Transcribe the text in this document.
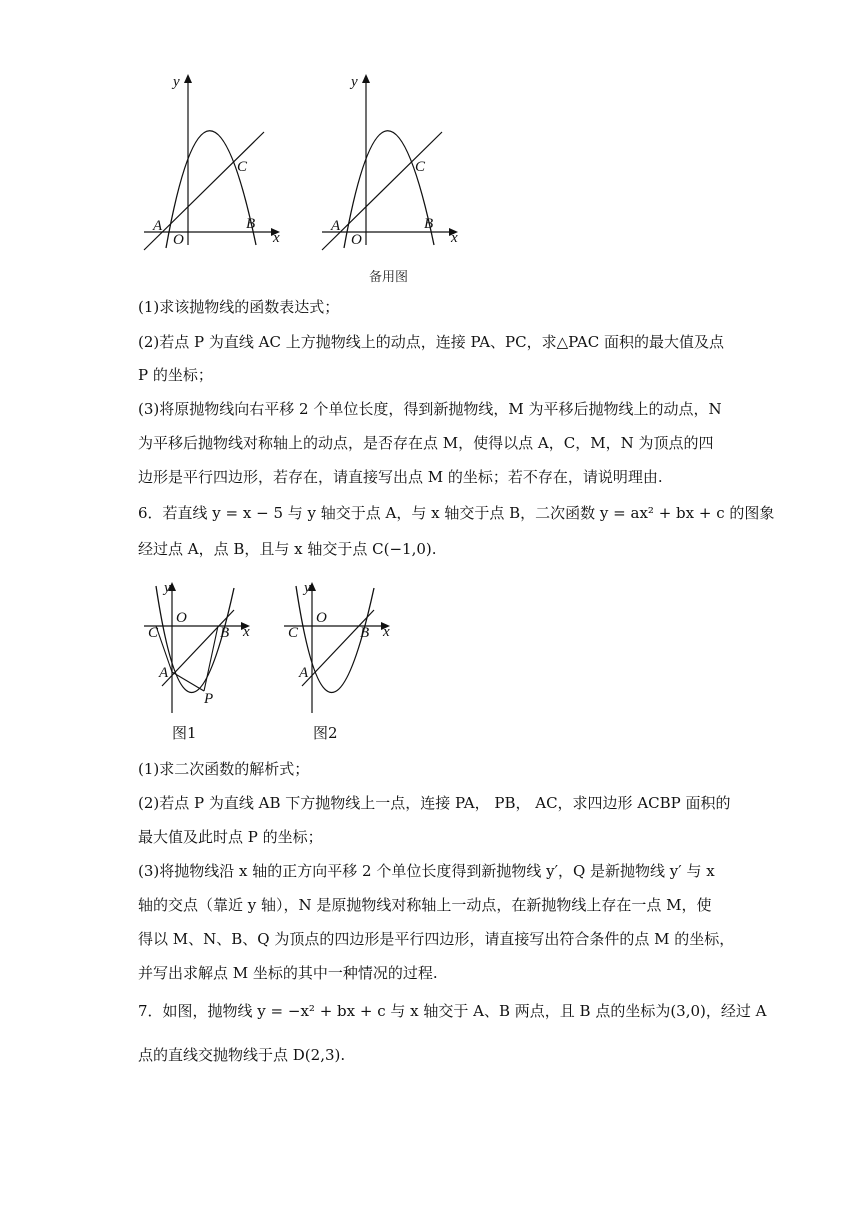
y
x
A
O
B
C
y
x
A
O
B
C
备用图
(1)求该抛物线的函数表达式；
(2)若点 P 为直线 AC 上方抛物线上的动点，连接 PA、PC，求△PAC 面积的最大值及点
P 的坐标；
(3)将原抛物线向右平移 2 个单位长度，得到新抛物线，M 为平移后抛物线上的动点，N
为平移后抛物线对称轴上的动点，是否存在点 M，使得以点 A，C，M，N 为顶点的四
边形是平行四边形，若存在，请直接写出点 M 的坐标；若不存在，请说明理由.
6．若直线 y = x − 5 与 y 轴交于点 A，与 x 轴交于点 B，二次函数 y = ax² + bx + c 的图象
经过点 A，点 B，且与 x 轴交于点 C(−1,0).
y
x
C
O
B
A
P
y
x
C
O
B
A
图1	图2
(1)求二次函数的解析式；
(2)若点 P 为直线 AB 下方抛物线上一点，连接 PA， PB， AC，求四边形 ACBP 面积的
最大值及此时点 P 的坐标；
(3)将抛物线沿 x 轴的正方向平移 2 个单位长度得到新抛物线 y′，Q 是新抛物线 y′ 与 x
轴的交点（靠近 y 轴），N 是原抛物线对称轴上一动点，在新抛物线上存在一点 M，使
得以 M、N、B、Q 为顶点的四边形是平行四边形，请直接写出符合条件的点 M 的坐标，
并写出求解点 M 坐标的其中一种情况的过程.
7．如图，抛物线 y = −x² + bx + c 与 x 轴交于 A、B 两点，且 B 点的坐标为(3,0)，经过 A
点的直线交抛物线于点 D(2,3).
